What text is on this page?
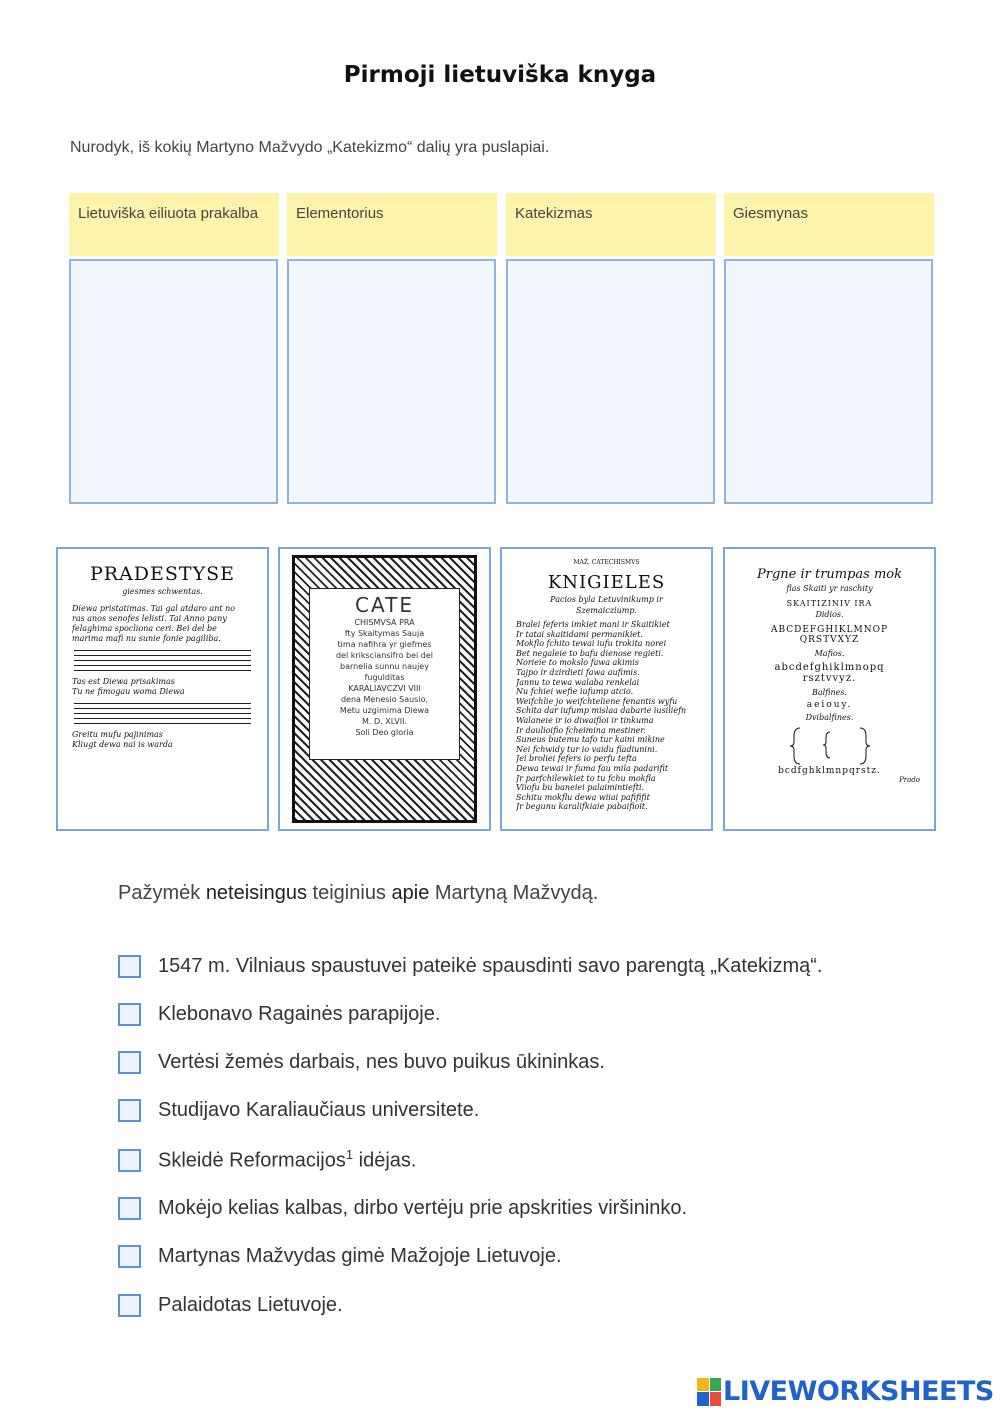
Pirmoji lietuviška knyga
Nurodyk, iš kokių Martyno Mažvydo „Katekizmo“ dalių yra puslapiai.
Lietuviška eiliuota prakalba	Elementorius	Katekizmas	Giesmynas
PRADESTYSE
giesmes schwentas.
Diewa pristatimas. Tai gal atdaro ant no
ras anos senofes lelisti. Tai Anno pany
felaghima spocliona ceri. Bei del be
marima mafi nu sunie fonie pagiliba.
Tas est Diewa prisakimas
Tu ne fimogau woma Diewa
Greitu mufu pajinimas
Kliugt dewa nai is warda
CATE
CHISMVSA PRA
fty Skaitymas Sauja
tima nafihra yr giefmes
del kriksciansifro bei del
barnelia sunnu naujey
fugulditas
KARALIAVCZVI VIII
dena Menesio Sausio,
Metu uzgimima Diewa
M. D. XLVII.
Soli Deo gloria
MAŽ. CATECHISMVS
KNIGIELES
Pacios byla Letuvinikump ir
Szemaicziump.
Bralei feferis imkiet mani ir Skaitikiet
Ir tatai skaitidami permanikiet.
Mokflo fchito tewai iufu trokita norei
Bet negaleie to bafu dienose regieti.
Norieie to mokslo fawa akimis
Tajpo ir dzirdieti fawa aufimis.
Jannu to tewa walaba renkelai
Nu fchiei wefie iufump atcio.
Weifchlie jo weifchteliene fenantis wyfu
Schita dar iufump mislaa dabarie iusiliefn
Walaneie ir io diwaifioi ir tinkuma
Ir daulioifio fcheimina mestiner.
Suneus butemu tafo tur kaini mikine
Nei fchwidy tur io vaidu fiadiunini.
Jei broliei fefers io perfu tefta
Dewa tewai ir fuma fau mila padarifit
Jr parfchilewkiet to tu fchu mokfla
Viiofu bu baneiei palaimintiefti.
Schitu mokflu dewa wiiai pafififit
Jr begunu karalifkiaie pabaifioit.
Prgne ir trumpas mok
flas Skaiti yr raschity
SKAITIZINIV IRA
Didios.
ABCDEFGHIKLMNOP
QRSTVXYZ
Mafios.
abcdefghiklmnopq
rsztvvyz.
Balfines.
aeiouy.
Dvibalfines.
bcdfghklmnpqrstz.
Prado
Pažymėk neteisingus teiginius apie Martyną Mažvydą.
1547 m. Vilniaus spaustuvei pateikė spausdinti savo parengtą „Katekizmą“.
Klebonavo Ragainės parapijoje.
Vertėsi žemės darbais, nes buvo puikus ūkininkas.
Studijavo Karaliaučiaus universitete.
Skleidė Reformacijos$^1$ idėjas.
Mokėjo kelias kalbas, dirbo vertėju prie apskrities viršininko.
Martynas Mažvydas gimė Mažojoje Lietuvoje.
Palaidotas Lietuvoje.
LIVEWORKSHEETS
